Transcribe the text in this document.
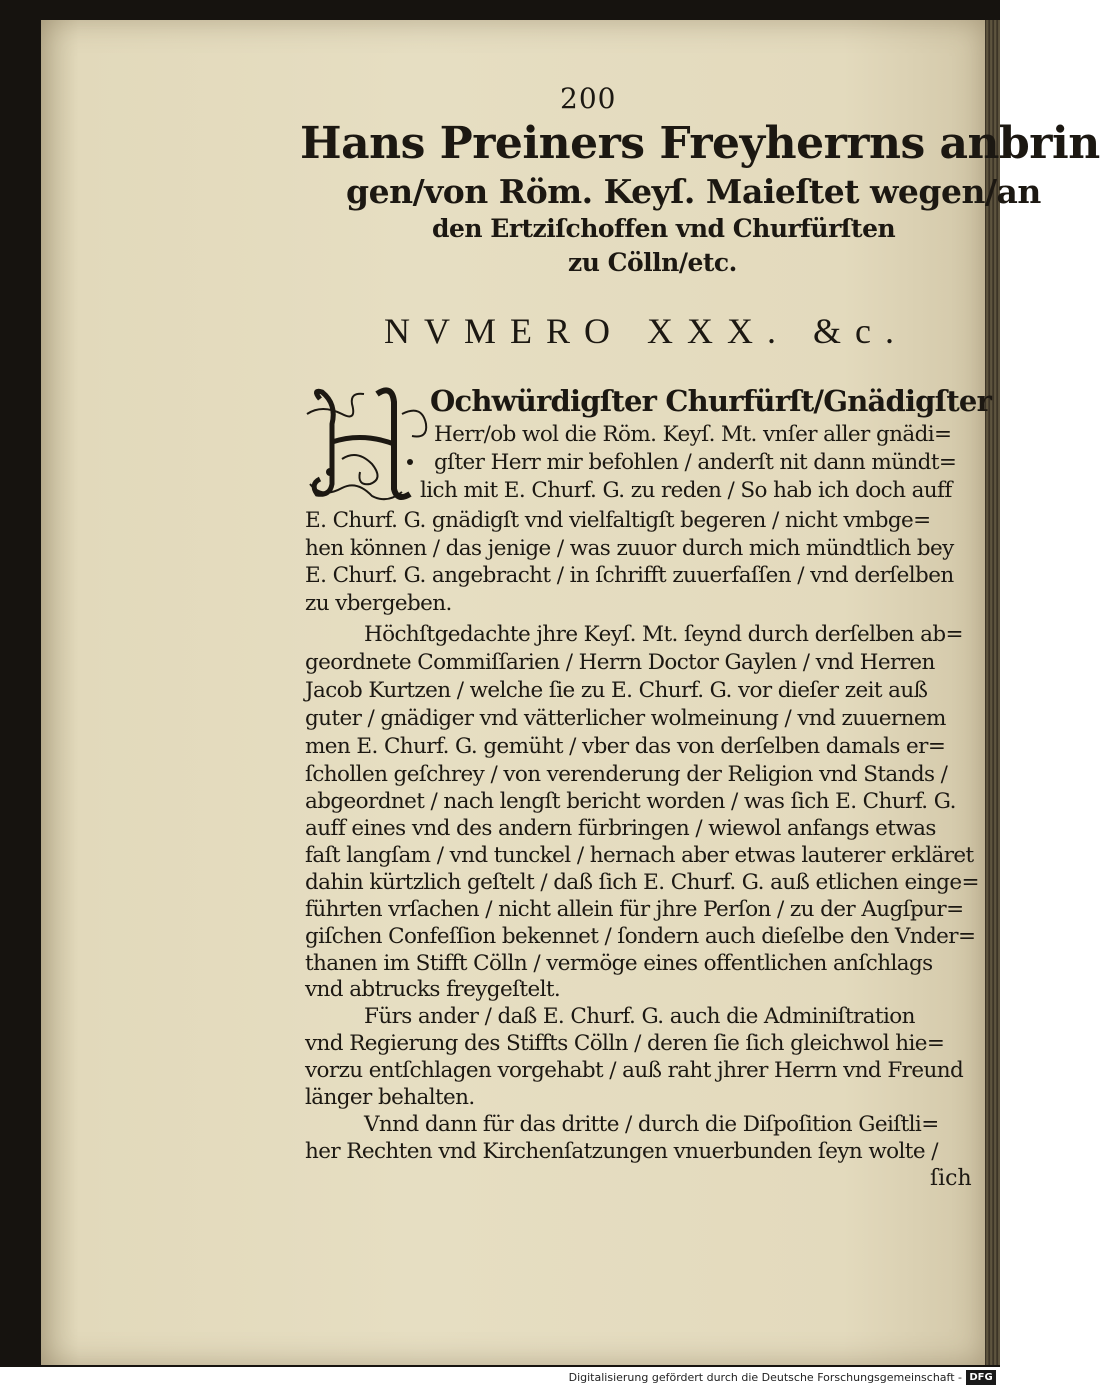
200
Hans Preiners Freyherrns anbrin
gen/von Röm. Keyſ. Maieſtet wegen/an
den Ertziſchoffen vnd Churfürſten
zu Cölln/etc.
NVMERO XXX. &c.
Ochwürdigſter Churfürſt/Gnädigſter
Herr/ob wol die Röm. Keyſ. Mt. vnſer aller gnädi=
gſter Herr mir befohlen / anderſt nit dann mündt=
lich mit E. Churf. G. zu reden / So hab ich doch auff
E. Churf. G. gnädigſt vnd vielfaltigſt begeren / nicht vmbge=
hen können / das jenige / was zuuor durch mich mündtlich bey
E. Churf. G. angebracht / in ſchrifft zuuerfaſſen / vnd derſelben
zu vbergeben.
Höchſtgedachte jhre Keyſ. Mt. ſeynd durch derſelben ab=
geordnete Commiſſarien / Herrn Doctor Gaylen / vnd Herren
Jacob Kurtzen / welche ſie zu E. Churf. G. vor dieſer zeit auß
guter / gnädiger vnd vätterlicher wolmeinung / vnd zuuernem
men E. Churf. G. gemüht / vber das von derſelben damals er=
ſchollen geſchrey / von verenderung der Religion vnd Stands /
abgeordnet / nach lengſt bericht worden / was ſich E. Churf. G.
auff eines vnd des andern fürbringen / wiewol anfangs etwas
faſt langſam / vnd tunckel / hernach aber etwas lauterer erkläret
dahin kürtzlich geſtelt / daß ſich E. Churf. G. auß etlichen einge=
führten vrſachen / nicht allein für jhre Perſon / zu der Augſpur=
giſchen Confeſſion bekennet / ſondern auch dieſelbe den Vnder=
thanen im Stifft Cölln / vermöge eines offentlichen anſchlags
vnd abtrucks freygeſtelt.
Fürs ander / daß E. Churf. G. auch die Adminiſtration
vnd Regierung des Stiffts Cölln / deren ſie ſich gleichwol hie=
vorzu entſchlagen vorgehabt / auß raht jhrer Herrn vnd Freund
länger behalten.
Vnnd dann für das dritte / durch die Diſpoſition Geiſtli=
her Rechten vnd Kirchenſatzungen vnuerbunden ſeyn wolte /
ſich
Digitalisierung gefördert durch die Deutsche Forschungsgemeinschaft - DFG
